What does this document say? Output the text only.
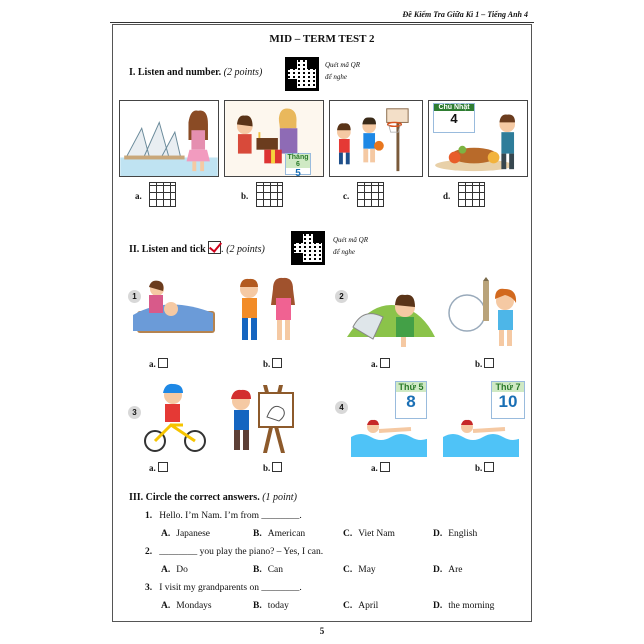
Đề Kiểm Tra Giữa Kì 1 – Tiếng Anh 4
MID – TERM TEST 2
I. Listen and number. (2 points)
Quét mã QR
để nghe
Tháng 6
5
Chủ Nhật
4
a.	b.	c.	d.
II. Listen and tick . (2 points)
Quét mã QR
để nghe
1	2
a.	b.	a.	b.
3
4
Thứ 5
8
Thứ 7
10
a.	b.	a.	b.
III. Circle the correct answers. (1 point)
1. Hello. I’m Nam. I’m from ________.
A. Japanese	B. American	C. Viet Nam	D. English
2. ________ you play the piano? – Yes, I can.
A. Do	B. Can	C. May	D. Are
3. I visit my grandparents on ________.
A. Mondays	B. today	C. April	D. the morning
5
